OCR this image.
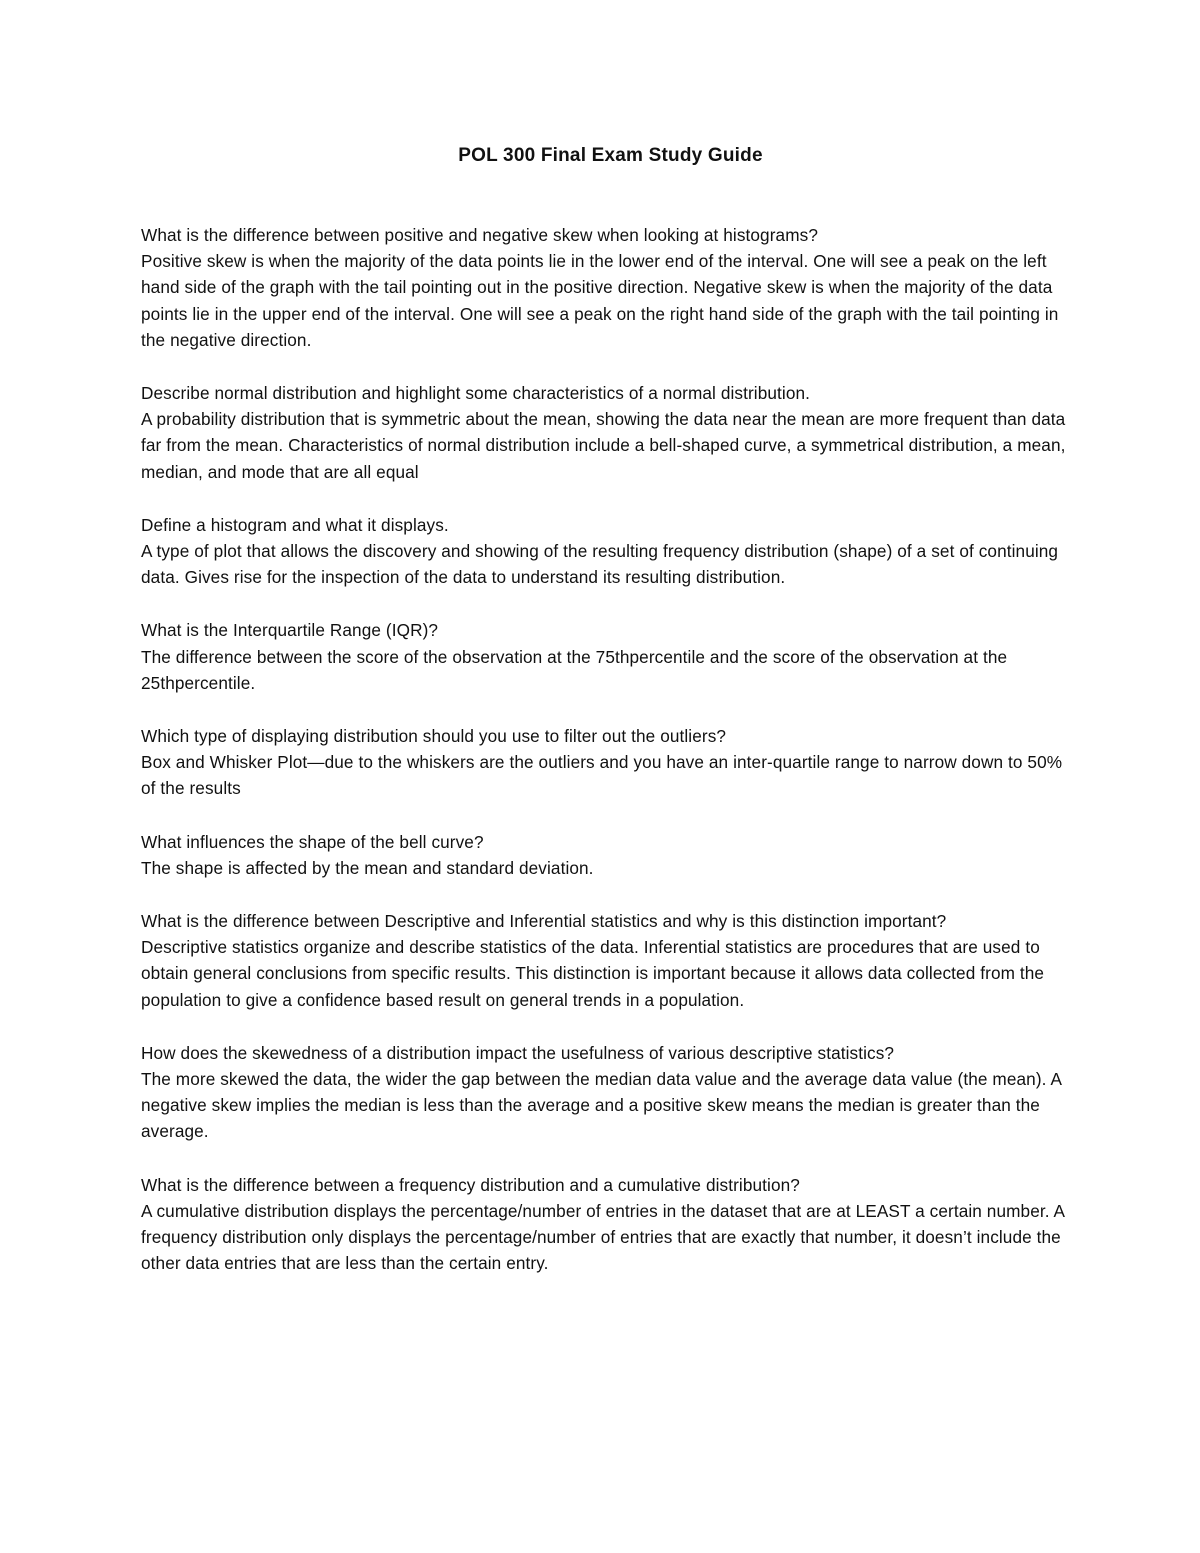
POL 300 Final Exam Study Guide

What is the difference between positive and negative skew when looking at histograms?

Positive skew is when the majority of the data points lie in the lower end of the interval. One will see a peak on the left hand side of the graph with the tail pointing out in the positive direction. Negative skew is when the majority of the data points lie in the upper end of the interval. One will see a peak on the right hand side of the graph with the tail pointing in the negative direction.

Describe normal distribution and highlight some characteristics of a normal distribution.

A probability distribution that is symmetric about the mean, showing the data near the mean are more frequent than data far from the mean. Characteristics of normal distribution include a bell-shaped curve, a symmetrical distribution, a mean, median, and mode that are all equal

Define a histogram and what it displays.

A type of plot that allows the discovery and showing of the resulting frequency distribution (shape) of a set of continuing data. Gives rise for the inspection of the data to understand its resulting distribution.

What is the Interquartile Range (IQR)?

The difference between the score of the observation at the 75thpercentile and the score of the observation at the 25thpercentile.

Which type of displaying distribution should you use to filter out the outliers?

Box and Whisker Plot—due to the whiskers are the outliers and you have an inter-quartile range to narrow down to 50% of the results

What influences the shape of the bell curve?

The shape is affected by the mean and standard deviation.

What is the difference between Descriptive and Inferential statistics and why is this distinction important?

Descriptive statistics organize and describe statistics of the data. Inferential statistics are procedures that are used to obtain general conclusions from specific results. This distinction is important because it allows data collected from the population to give a confidence based result on general trends in a population.

How does the skewedness of a distribution impact the usefulness of various descriptive statistics?

The more skewed the data, the wider the gap between the median data value and the average data value (the mean). A negative skew implies the median is less than the average and a positive skew means the median is greater than the average.

What is the difference between a frequency distribution and a cumulative distribution?

A cumulative distribution displays the percentage/number of entries in the dataset that are at LEAST a certain number. A frequency distribution only displays the percentage/number of entries that are exactly that number, it doesn’t include the other data entries that are less than the certain entry.
